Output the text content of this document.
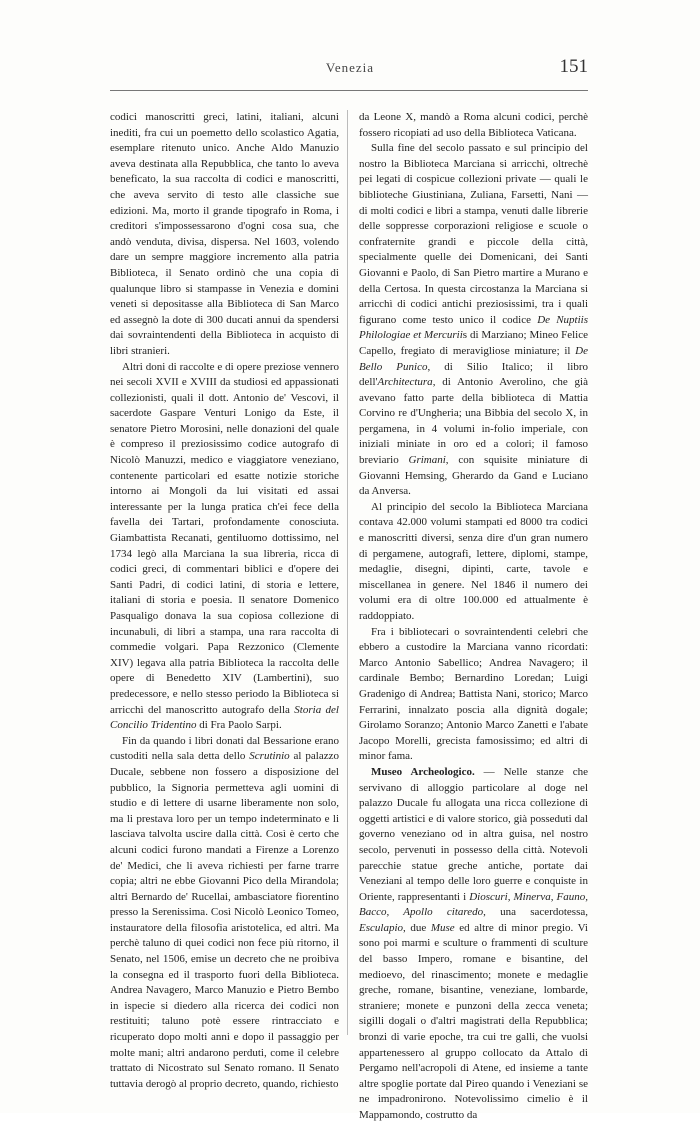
Venezia	151

codici manoscritti greci, latini, italiani, alcuni inediti, fra cui un poemetto dello scolastico Agatia, esemplare ritenuto unico. Anche Aldo Manuzio aveva destinata alla Repubblica, che tanto lo aveva beneficato, la sua raccolta di codici e manoscritti, che aveva servito di testo alle classiche sue edizioni. Ma, morto il grande tipografo in Roma, i creditori s'impossessarono d'ogni cosa sua, che andò venduta, divisa, dispersa. Nel 1603, volendo dare un sempre maggiore incremento alla patria Biblioteca, il Senato ordinò che una copia di qualunque libro si stampasse in Venezia e domini veneti si depositasse alla Biblioteca di San Marco ed assegnò la dote di 300 ducati annui da spendersi dai sovraintendenti della Biblioteca in acquisto di libri stranieri.

Altri doni di raccolte e di opere preziose vennero nei secoli XVII e XVIII da studiosi ed appassionati collezionisti, quali il dott. Antonio de' Vescovi, il sacerdote Gaspare Venturi Lonigo da Este, il senatore Pietro Morosini, nelle donazioni del quale è compreso il preziosissimo codice autografo di Nicolò Manuzzi, medico e viaggiatore veneziano, contenente particolari ed esatte notizie storiche intorno ai Mongoli da lui visitati ed assai interessante per la lunga pratica ch'ei fece della favella dei Tartari, profondamente conosciuta. Giambattista Recanati, gentiluomo dottissimo, nel 1734 legò alla Marciana la sua libreria, ricca di codici greci, di commentari biblici e d'opere dei Santi Padri, di codici latini, di storia e lettere, italiani di storia e poesia. Il senatore Domenico Pasqualigo donava la sua copiosa collezione di incunabuli, di libri a stampa, una rara raccolta di commedie volgari. Papa Rezzonico (Clemente XIV) legava alla patria Biblioteca la raccolta delle opere di Benedetto XIV (Lambertini), suo predecessore, e nello stesso periodo la Biblioteca si arricchì del manoscritto autografo della Storia del Concilio Tridentino di Fra Paolo Sarpi.

Fin da quando i libri donati dal Bessarione erano custoditi nella sala detta dello Scrutinio al palazzo Ducale, sebbene non fossero a disposizione del pubblico, la Signoria permetteva agli uomini di studio e di lettere di usarne liberamente non solo, ma li prestava loro per un tempo indeterminato e li lasciava talvolta uscire dalla città. Così è certo che alcuni codici furono mandati a Firenze a Lorenzo de' Medici, che li aveva richiesti per farne trarre copia; altri ne ebbe Giovanni Pico della Mirandola; altri Bernardo de' Rucellai, ambasciatore fiorentino presso la Serenissima. Così Nicolò Leonico Tomeo, instauratore della filosofia aristotelica, ed altri. Ma perchè taluno di quei codici non fece più ritorno, il Senato, nel 1506, emise un decreto che ne proibiva la consegna ed il trasporto fuori della Biblioteca. Andrea Navagero, Marco Manuzio e Pietro Bembo in ispecie si diedero alla ricerca dei codici non restituiti; taluno potè essere rintracciato e ricuperato dopo molti anni e dopo il passaggio per molte mani; altri andarono perduti, come il celebre trattato di Nicostrato sul Senato romano. Il Senato tuttavia derogò al proprio decreto, quando, richiesto

da Leone X, mandò a Roma alcuni codici, perchè fossero ricopiati ad uso della Biblioteca Vaticana.

Sulla fine del secolo passato e sul principio del nostro la Biblioteca Marciana si arricchì, oltrechè pei legati di cospicue collezioni private — quali le biblioteche Giustiniana, Zuliana, Farsetti, Nani — di molti codici e libri a stampa, venuti dalle librerie delle soppresse corporazioni religiose e scuole o confraternite grandi e piccole della città, specialmente quelle dei Domenicani, dei Santi Giovanni e Paolo, di San Pietro martire a Murano e della Certosa. In questa circostanza la Marciana si arricchì di codici antichi preziosissimi, tra i quali figurano come testo unico il codice De Nuptiis Philologiae et Mercuriis di Marziano; Mineo Felice Capello, fregiato di meravigliose miniature; il De Bello Punico, di Silio Italico; il libro dell'Architectura, di Antonio Averolino, che già avevano fatto parte della biblioteca di Mattia Corvino re d'Ungheria; una Bibbia del secolo X, in pergamena, in 4 volumi in-folio imperiale, con iniziali miniate in oro ed a colori; il famoso breviario Grimani, con squisite miniature di Giovanni Hemsing, Gherardo da Gand e Luciano da Anversa.

Al principio del secolo la Biblioteca Marciana contava 42.000 volumi stampati ed 8000 tra codici e manoscritti diversi, senza dire d'un gran numero di pergamene, autografi, lettere, diplomi, stampe, medaglie, disegni, dipinti, carte, tavole e miscellanea in genere. Nel 1846 il numero dei volumi era di oltre 100.000 ed attualmente è raddoppiato.

Fra i bibliotecari o sovraintendenti celebri che ebbero a custodire la Marciana vanno ricordati: Marco Antonio Sabellico; Andrea Navagero; il cardinale Bembo; Bernardino Loredan; Luigi Gradenigo di Andrea; Battista Nani, storico; Marco Ferrarini, innalzato poscia alla dignità dogale; Girolamo Soranzo; Antonio Marco Zanetti e l'abate Jacopo Morelli, grecista famosissimo; ed altri di minor fama.

Museo Archeologico. — Nelle stanze che servivano di alloggio particolare al doge nel palazzo Ducale fu allogata una ricca collezione di oggetti artistici e di valore storico, già posseduti dal governo veneziano od in altra guisa, nel nostro secolo, pervenuti in possesso della città. Notevoli parecchie statue greche antiche, portate dai Veneziani al tempo delle loro guerre e conquiste in Oriente, rappresentanti i Dioscuri, Minerva, Fauno, Bacco, Apollo citaredo, una sacerdotessa, Esculapio, due Muse ed altre di minor pregio. Vi sono poi marmi e sculture o frammenti di sculture del basso Impero, romane e bisantine, del medioevo, del rinascimento; monete e medaglie greche, romane, bisantine, veneziane, lombarde, straniere; monete e punzoni della zecca veneta; sigilli dogali o d'altri magistrati della Repubblica; bronzi di varie epoche, tra cui tre galli, che vuolsi appartenessero al gruppo collocato da Attalo di Pergamo nell'acropoli di Atene, ed insieme a tante altre spoglie portate dal Pireo quando i Veneziani se ne impadronirono. Notevolissimo cimelio è il Mappamondo, costrutto da
